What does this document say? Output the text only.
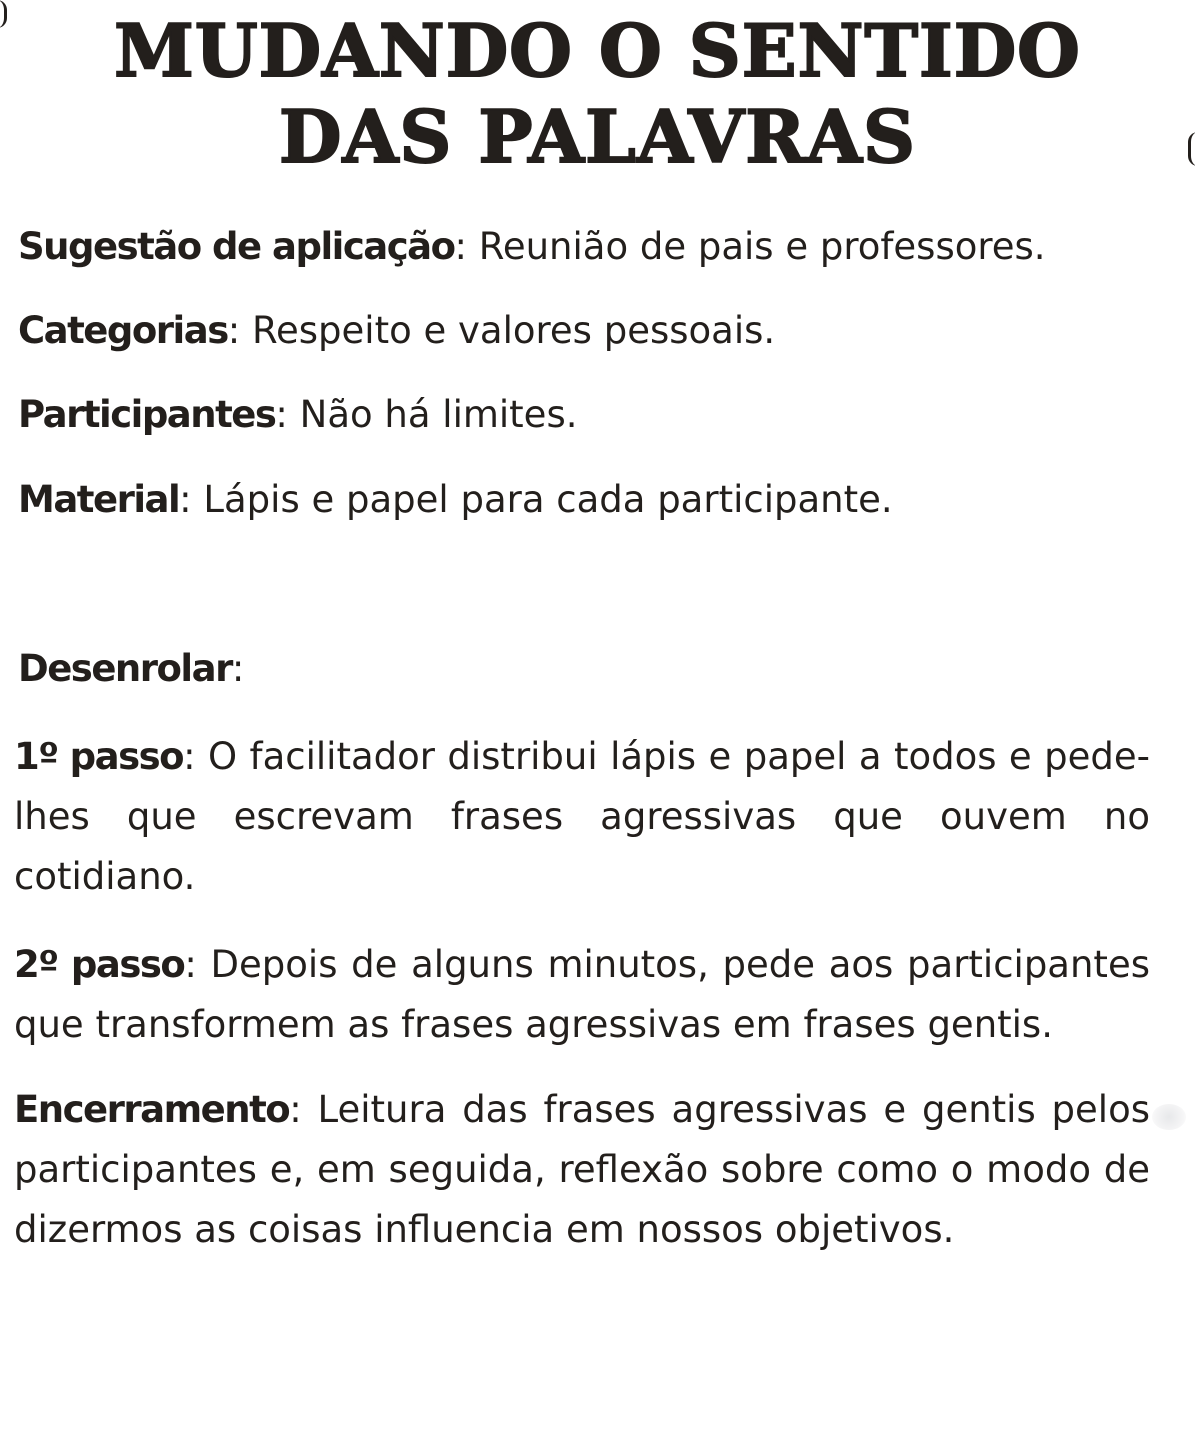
MUDANDO O SENTIDO
DAS PALAVRAS

Sugestão de aplicação: Reunião de pais e professores.

Categorias: Respeito e valores pessoais.

Participantes: Não há limites.

Material: Lápis e papel para cada participante.

Desenrolar:

1º passo: O facilitador distribui lápis e papel a todos e pede-lhes que escrevam frases agressivas que ouvem no cotidiano.

2º passo: Depois de alguns minutos, pede aos participantes que transformem as frases agressivas em frases gentis.

Encerramento: Leitura das frases agressivas e gentis pelos participantes e, em seguida, reflexão sobre como o modo de dizermos as coisas influencia em nossos objetivos.
